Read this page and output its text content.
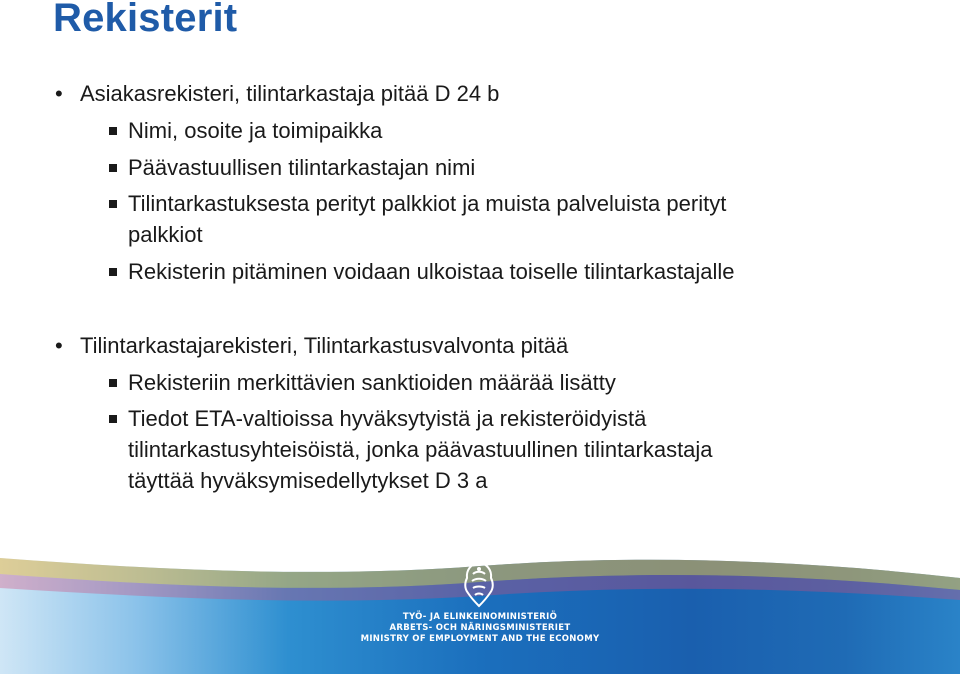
Rekisterit
• Asiakasrekisteri, tilintarkastaja pitää D 24 b
Nimi, osoite ja toimipaikka
Päävastuullisen tilintarkastajan nimi
Tilintarkastuksesta perityt palkkiot ja muista palveluista perityt
palkkiot
Rekisterin pitäminen voidaan ulkoistaa toiselle tilintarkastajalle
• Tilintarkastajarekisteri, Tilintarkastusvalvonta pitää
Rekisteriin merkittävien sanktioiden määrää lisätty
Tiedot ETA-valtioissa hyväksytyistä ja rekisteröidyistä
tilintarkastusyhteisöistä, jonka päävastuullinen tilintarkastaja
täyttää hyväksymisedellytykset D 3 a
TYÖ- JA ELINKEINOMINISTERIÖ
ARBETS- OCH NÄRINGSMINISTERIET
MINISTRY OF EMPLOYMENT AND THE ECONOMY
